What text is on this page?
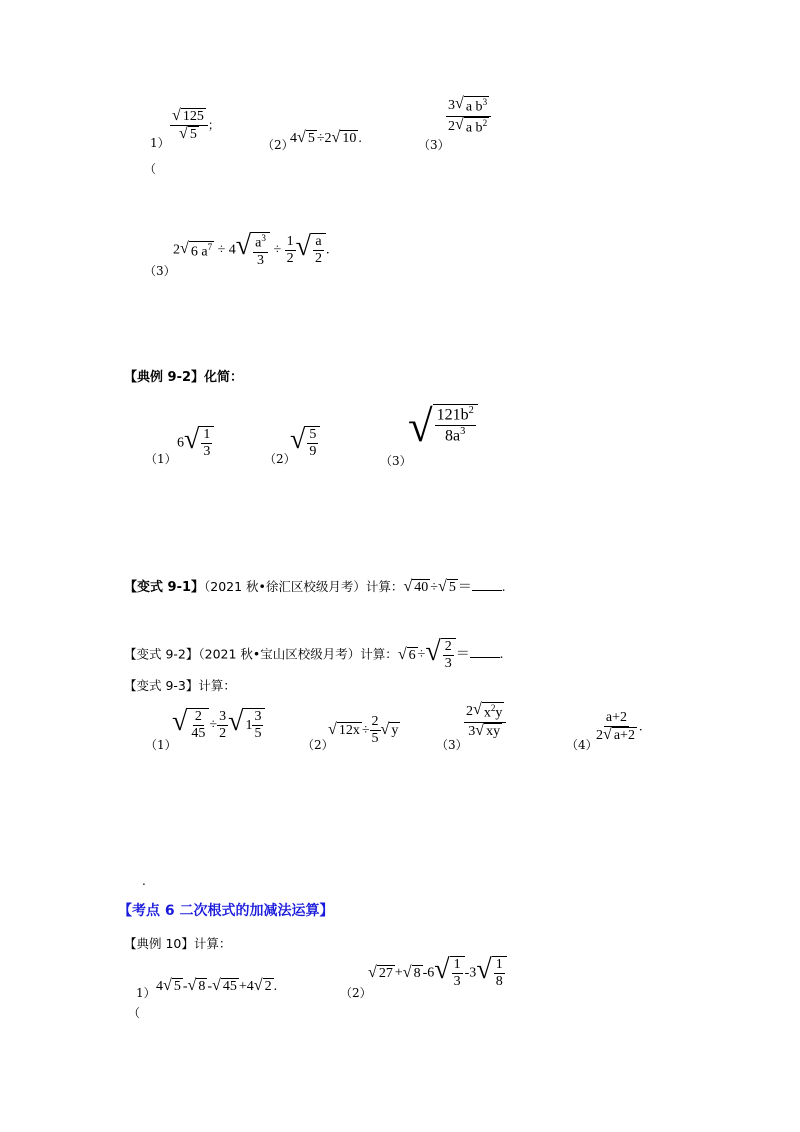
$1) \frac{√ 125}{√ 5}$ ；
（2）
4 √ 5 ÷2 √ 10 .	（3）
$\frac{3 √ a b^3}{2 √ a b^2}$
（
（3）
2 √ 6 $a^7 \div 4$ √ $\frac{a^3}{3} \div \frac{1}{2}$ √ $\frac{a}{2}$ .
【典例 9-2】化简：
（1）
6 √ $\frac{1}{3}$	（2）
√ $\frac{5}{9}$
（3）
√ $\frac{121b^2}{8a^3}$
【变式 9-1】（2021 秋•徐汇区校级月考）计算： √ 40 ÷ √ 5 ＝ .
【变式 9-2】（2021 秋•宝山区校级月考）计算： √ 6 ÷ √ $\frac{2}{3}$ ＝ .
【变式 9-3】计算：
（1）
√ $\frac{2}{45} \div \frac{3}{2}$ √ $1 \frac{3}{5}$
（2）
√ $12x \div \frac{2}{5}$ √ y
（3）
$\frac{2 √ x^2y}{3 √ xy}$
（4）
$\frac{a+2}{2 √ a+2}$ .
.
【考点 6 二次根式的加减法运算】
【典例 10】计算：
1） 4 √ 5 - √ 8 - √ 45 +4 √ 2 .	（2）
√ 27 + √ 8 -6 √ $\frac{1}{3} -3$ √ $\frac{1}{8}$
（
